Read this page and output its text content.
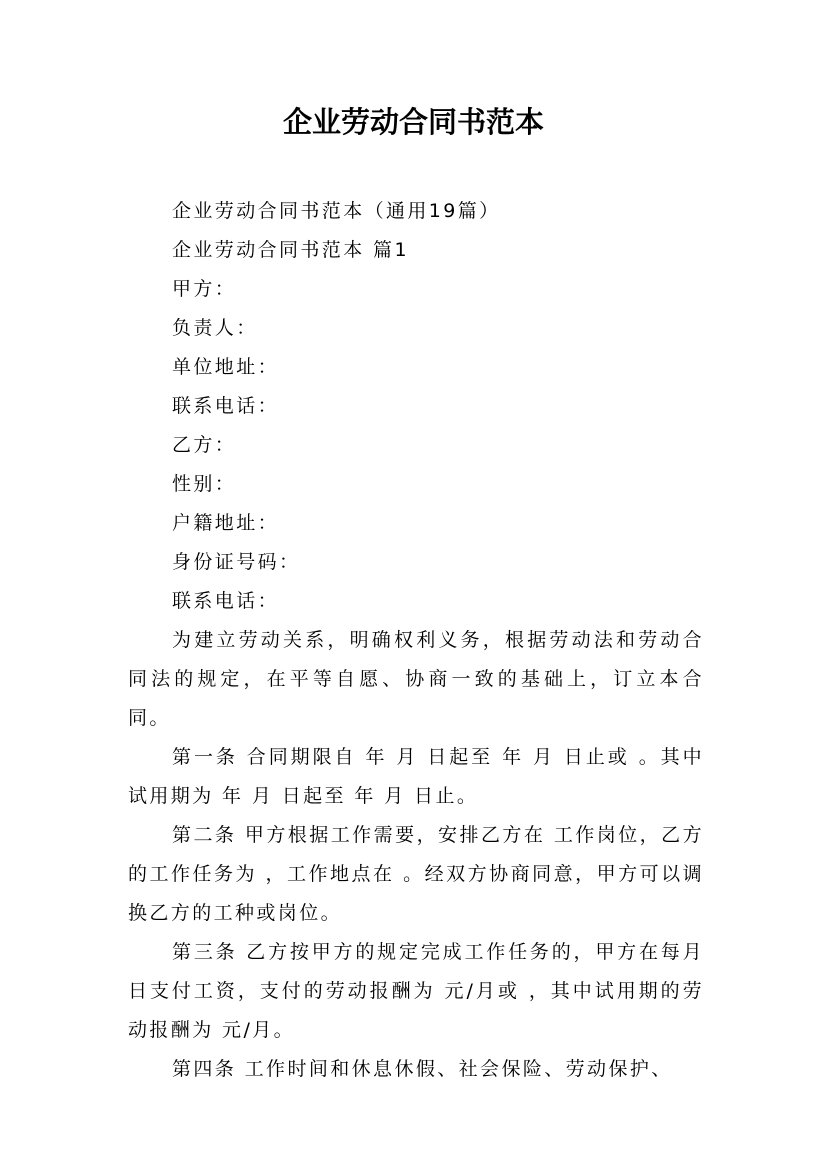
企业劳动合同书范本
企业劳动合同书范本（通用19篇）
企业劳动合同书范本 篇1
甲方：
负责人：
单位地址：
联系电话：
乙方：
性别：
户籍地址：
身份证号码：
联系电话：

为建立劳动关系，明确权利义务，根据劳动法和劳动合同法的规定，在平等自愿、协商一致的基础上，订立本合同。

第一条 合同期限自 年 月 日起至 年 月 日止或 。其中试用期为 年 月 日起至 年 月 日止。

第二条 甲方根据工作需要，安排乙方在 工作岗位，乙方的工作任务为 ，工作地点在 。经双方协商同意，甲方可以调换乙方的工种或岗位。

第三条 乙方按甲方的规定完成工作任务的，甲方在每月 日支付工资，支付的劳动报酬为 元/月或 ，其中试用期的劳动报酬为 元/月。

第四条 工作时间和休息休假、社会保险、劳动保护、
